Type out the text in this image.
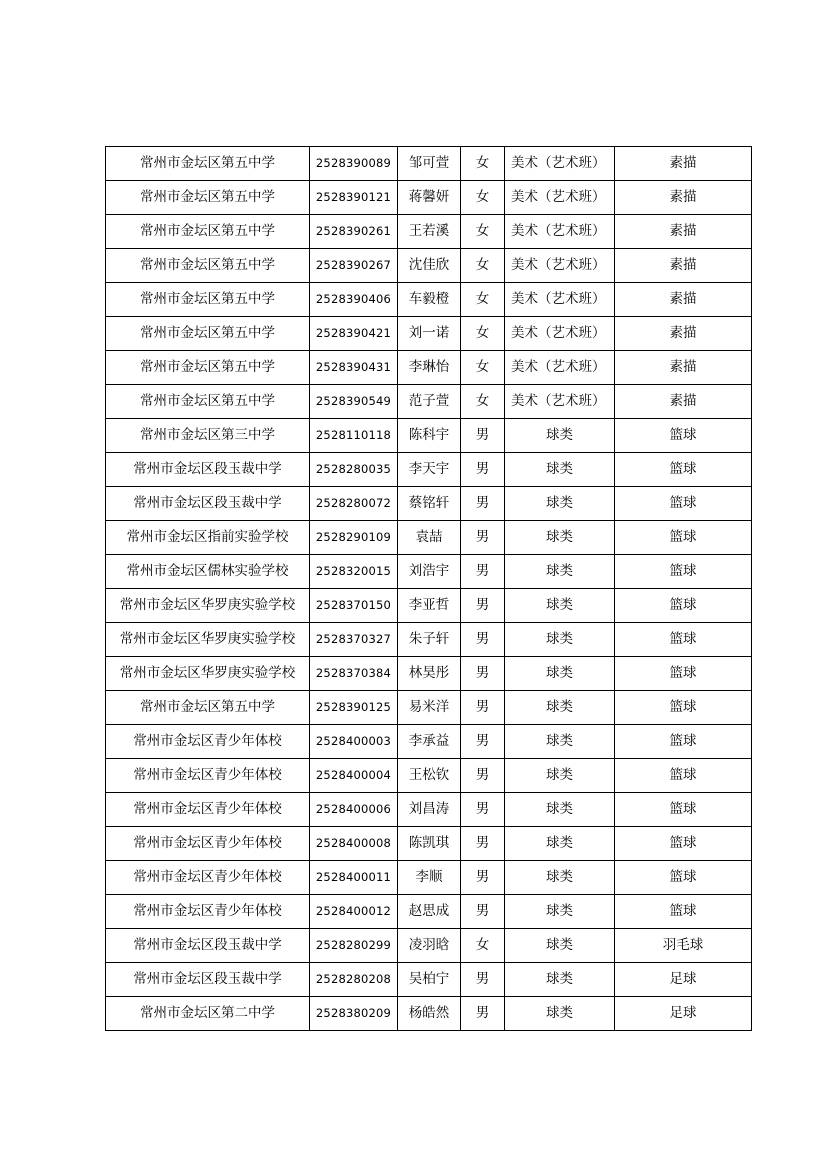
常州市金坛区第五中学	2528390089	邹可萱	女	美术（艺术班）	素描
常州市金坛区第五中学	2528390121	蒋馨妍	女	美术（艺术班）	素描
常州市金坛区第五中学	2528390261	王若溪	女	美术（艺术班）	素描
常州市金坛区第五中学	2528390267	沈佳欣	女	美术（艺术班）	素描
常州市金坛区第五中学	2528390406	车毅橙	女	美术（艺术班）	素描
常州市金坛区第五中学	2528390421	刘一诺	女	美术（艺术班）	素描
常州市金坛区第五中学	2528390431	李琳怡	女	美术（艺术班）	素描
常州市金坛区第五中学	2528390549	范子萱	女	美术（艺术班）	素描
常州市金坛区第三中学	2528110118	陈科宇	男	球类	篮球
常州市金坛区段玉裁中学	2528280035	李天宇	男	球类	篮球
常州市金坛区段玉裁中学	2528280072	蔡铭轩	男	球类	篮球
常州市金坛区指前实验学校	2528290109	袁喆	男	球类	篮球
常州市金坛区儒林实验学校	2528320015	刘浩宇	男	球类	篮球
常州市金坛区华罗庚实验学校	2528370150	李亚哲	男	球类	篮球
常州市金坛区华罗庚实验学校	2528370327	朱子轩	男	球类	篮球
常州市金坛区华罗庚实验学校	2528370384	林昊彤	男	球类	篮球
常州市金坛区第五中学	2528390125	易米洋	男	球类	篮球
常州市金坛区青少年体校	2528400003	李承益	男	球类	篮球
常州市金坛区青少年体校	2528400004	王松钦	男	球类	篮球
常州市金坛区青少年体校	2528400006	刘昌涛	男	球类	篮球
常州市金坛区青少年体校	2528400008	陈凯琪	男	球类	篮球
常州市金坛区青少年体校	2528400011	李顺	男	球类	篮球
常州市金坛区青少年体校	2528400012	赵思成	男	球类	篮球
常州市金坛区段玉裁中学	2528280299	凌羽晗	女	球类	羽毛球
常州市金坛区段玉裁中学	2528280208	吴柏宁	男	球类	足球
常州市金坛区第二中学	2528380209	杨皓然	男	球类	足球
